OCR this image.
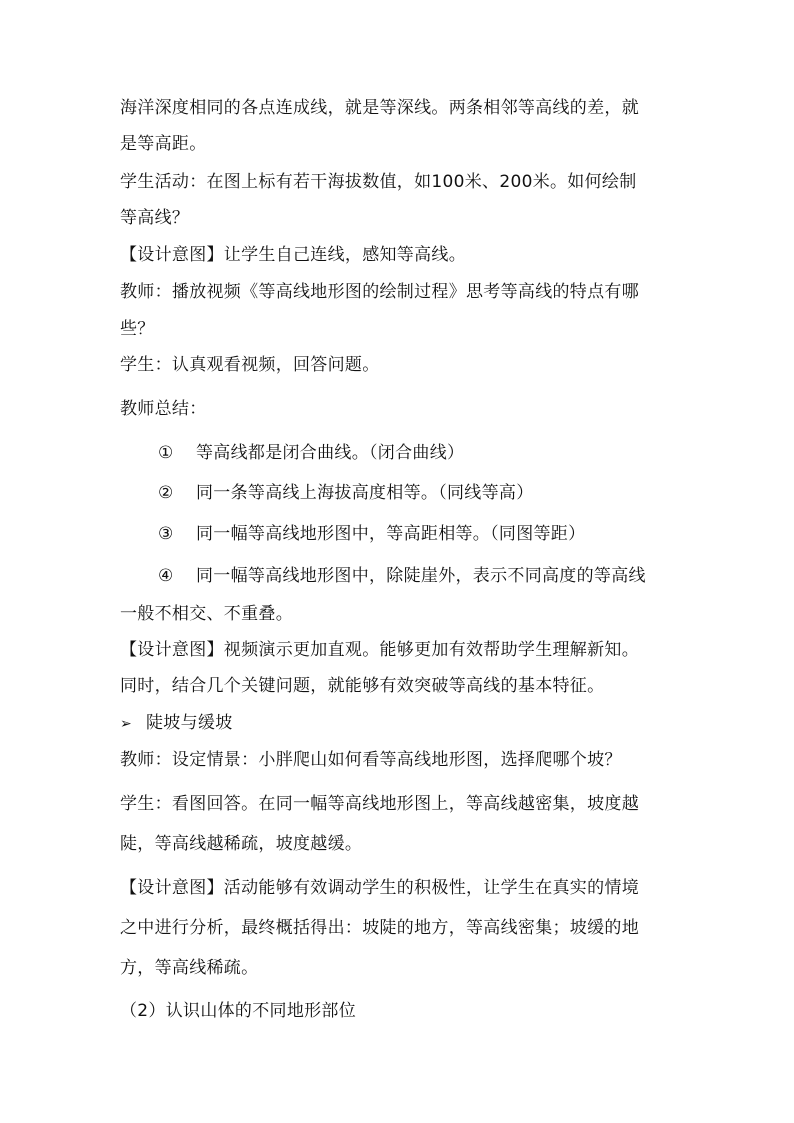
海洋深度相同的各点连成线，就是等深线。两条相邻等高线的差，就
是等高距。
学生活动：在图上标有若干海拔数值，如100米、200米。如何绘制
等高线？
【设计意图】让学生自己连线，感知等高线。
教师：播放视频《等高线地形图的绘制过程》思考等高线的特点有哪
些？
学生：认真观看视频，回答问题。
教师总结：
① 等高线都是闭合曲线。（闭合曲线）
② 同一条等高线上海拔高度相等。（同线等高）
③ 同一幅等高线地形图中，等高距相等。（同图等距）
④ 同一幅等高线地形图中，除陡崖外，表示不同高度的等高线
一般不相交、不重叠。
【设计意图】视频演示更加直观。能够更加有效帮助学生理解新知。
同时，结合几个关键问题，就能够有效突破等高线的基本特征。
➢ 陡坡与缓坡
教师：设定情景：小胖爬山如何看等高线地形图，选择爬哪个坡？
学生：看图回答。在同一幅等高线地形图上，等高线越密集，坡度越
陡，等高线越稀疏，坡度越缓。
【设计意图】活动能够有效调动学生的积极性，让学生在真实的情境
之中进行分析，最终概括得出：坡陡的地方，等高线密集；坡缓的地
方，等高线稀疏。
（2）认识山体的不同地形部位
